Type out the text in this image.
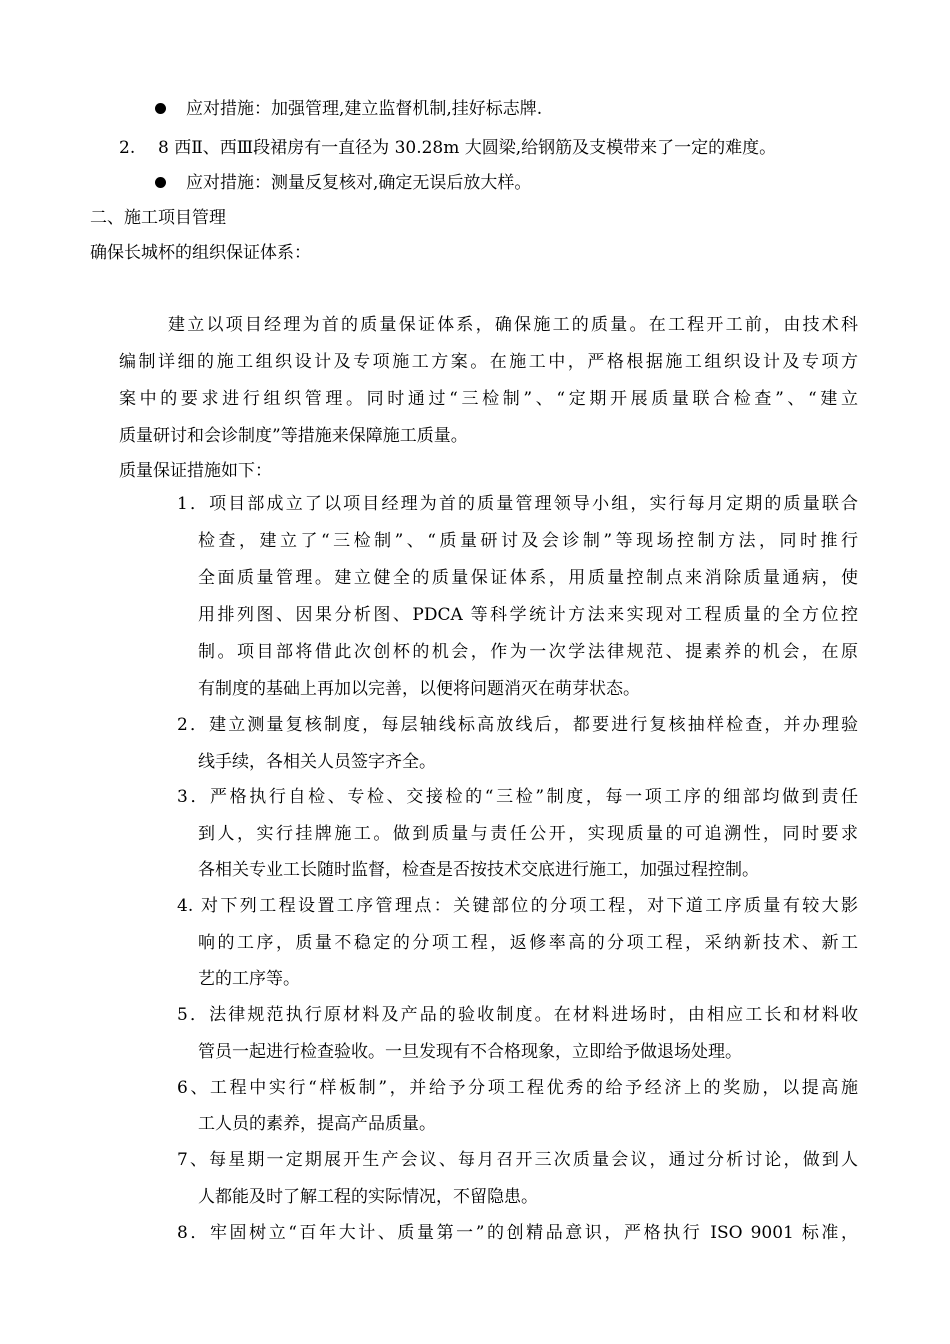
应对措施：加强管理,建立监督机制,挂好标志牌.
2. 8 西Ⅱ、西Ⅲ段裙房有一直径为 30.28m 大圆梁,给钢筋及支模带来了一定的难度。
应对措施：测量反复核对,确定无误后放大样。
二、施工项目管理
确保长城杯的组织保证体系：
建立以项目经理为首的质量保证体系，确保施工的质量。在工程开工前，由技术科
编制详细的施工组织设计及专项施工方案。在施工中，严格根据施工组织设计及专项方
案中的要求进行组织管理。同时通过“三检制”、“定期开展质量联合检查”、“建立
质量研讨和会诊制度”等措施来保障施工质量。
质量保证措施如下：
1．项目部成立了以项目经理为首的质量管理领导小组，实行每月定期的质量联合
检查，建立了“三检制”、“质量研讨及会诊制”等现场控制方法，同时推行
全面质量管理。建立健全的质量保证体系，用质量控制点来消除质量通病，使
用排列图、因果分析图、PDCA 等科学统计方法来实现对工程质量的全方位控
制。项目部将借此次创杯的机会，作为一次学法律规范、提素养的机会，在原
有制度的基础上再加以完善，以便将问题消灭在萌芽状态。
2．建立测量复核制度，每层轴线标高放线后，都要进行复核抽样检查，并办理验
线手续，各相关人员签字齐全。
3．严格执行自检、专检、交接检的“三检”制度，每一项工序的细部均做到责任
到人，实行挂牌施工。做到质量与责任公开，实现质量的可追溯性，同时要求
各相关专业工长随时监督，检查是否按技术交底进行施工，加强过程控制。
4. 对下列工程设置工序管理点：关键部位的分项工程，对下道工序质量有较大影
响的工序，质量不稳定的分项工程，返修率高的分项工程，采纳新技术、新工
艺的工序等。
5．法律规范执行原材料及产品的验收制度。在材料进场时，由相应工长和材料收
管员一起进行检查验收。一旦发现有不合格现象，立即给予做退场处理。
6、工程中实行“样板制”，并给予分项工程优秀的给予经济上的奖励，以提高施
工人员的素养，提高产品质量。
7、每星期一定期展开生产会议、每月召开三次质量会议，通过分析讨论，做到人
人都能及时了解工程的实际情况，不留隐患。
8．牢固树立“百年大计、质量第一”的创精品意识，严格执行 ISO 9001 标准，
